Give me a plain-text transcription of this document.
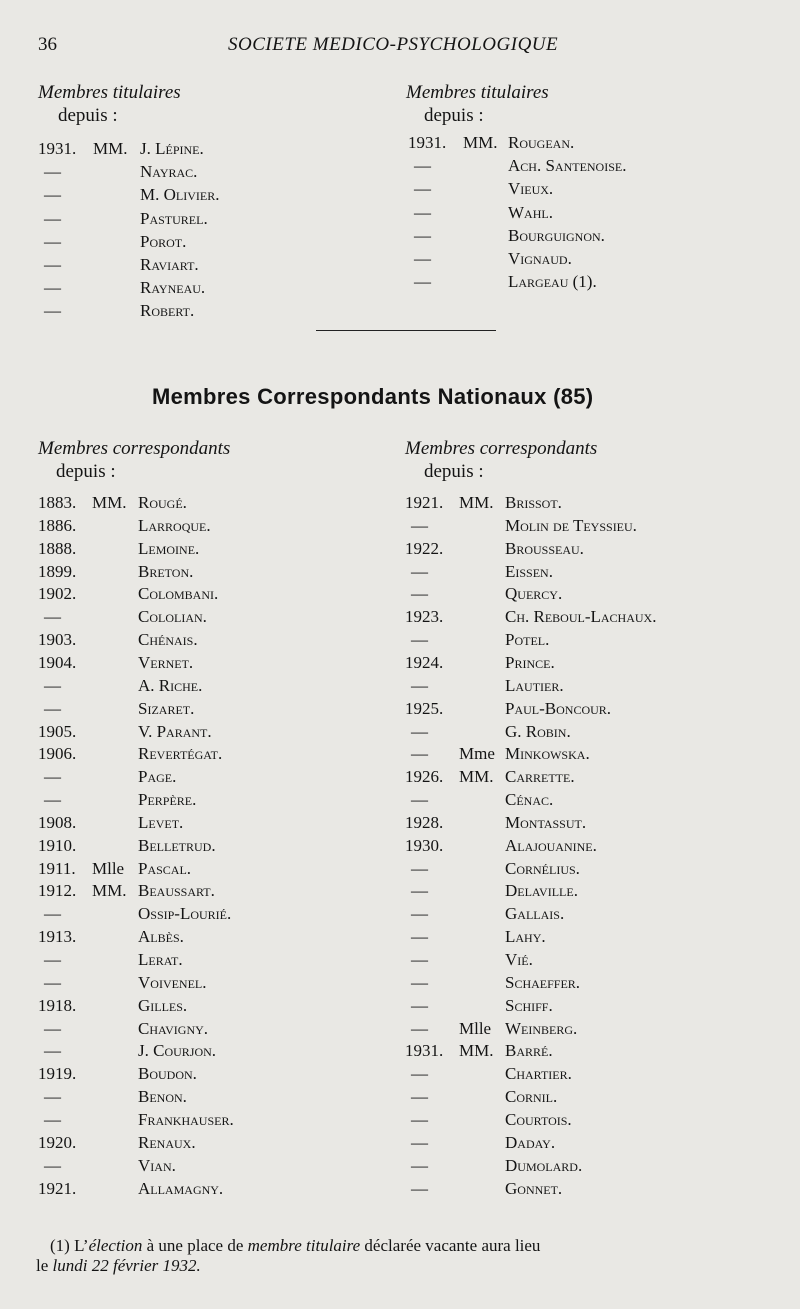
36	SOCIETE MEDICO-PSYCHOLOGIQUE
Membres titulaires
depuis :
Membres titulaires
depuis :
1931. MM. J. Lépine.
—	Nayrac.
—	M. Olivier.
—	Pasturel.
—	Porot.
—	Raviart.
—	Rayneau.
—	Robert.
1931. MM. Rougean.
—	Ach. Santenoise.
—	Vieux.
—	Wahl.
—	Bourguignon.
—	Vignaud.
—	Largeau (1).
Membres Correspondants Nationaux (85)
Membres correspondants
depuis :
Membres correspondants
depuis :
1883. MM. Rougé.
1886.	Larroque.
1888.	Lemoine.
1899.	Breton.
1902.	Colombani.
—	Cololian.
1903.	Chénais.
1904.	Vernet.
—	A. Riche.
—	Sizaret.
1905.	V. Parant.
1906.	Revertégat.
—	Page.
—	Perpère.
1908.	Levet.
1910.	Belletrud.
1911. Mlle Pascal.
1912. MM. Beaussart.
—	Ossip-Lourié.
1913.	Albès.
—	Lerat.
—	Voivenel.
1918.	Gilles.
—	Chavigny.
—	J. Courjon.
1919.	Boudon.
—	Benon.
—	Frankhauser.
1920.	Renaux.
—	Vian.
1921.	Allamagny.
1921. MM. Brissot.
—	Molin de Teyssieu.
1922.	Brousseau.
—	Eissen.
—	Quercy.
1923.	Ch. Reboul-Lachaux.
—	Potel.
1924.	Prince.
—	Lautier.
1925.	Paul-Boncour.
—	G. Robin.
— Mme Minkowska.
1926. MM. Carrette.
—	Cénac.
1928.	Montassut.
1930.	Alajouanine.
—	Cornélius.
—	Delaville.
—	Gallais.
—	Lahy.
—	Vié.
—	Schaeffer.
—	Schiff.
— Mlle Weinberg.
1931. MM. Barré.
—	Chartier.
—	Cornil.
—	Courtois.
—	Daday.
—	Dumolard.
—	Gonnet.
(1) L’élection à une place de membre titulaire déclarée vacante aura lieu
le lundi 22 février 1932.
